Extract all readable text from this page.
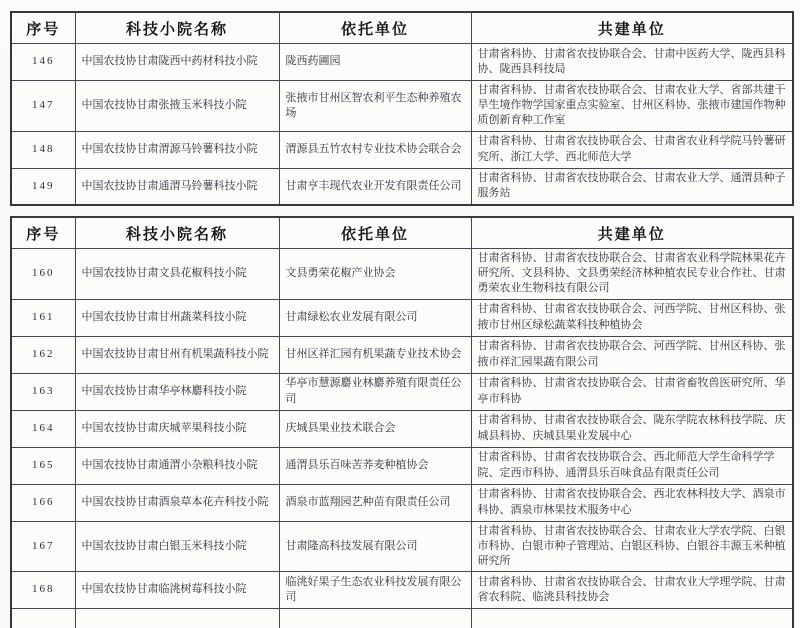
序号	科技小院名称	依托单位	共建单位
146	中国农技协甘肃陇西中药材科技小院	陇西药圃园	甘肃省科协、甘肃省农技协联合会、甘肃中医药大学、陇西县科协、陇西县科技局
147	中国农技协甘肃张掖玉米科技小院	张掖市甘州区智农利平生态种养殖农场	甘肃省科协、甘肃省农技协联合会、甘肃农业大学、省部共建干旱生境作物学国家重点实验室、甘州区科协、张掖市建国作物种质创新育种工作室
148	中国农技协甘肃渭源马铃薯科技小院	渭源县五竹农村专业技术协会联合会	甘肃省科协、甘肃省农技协联合会、甘肃省农业科学院马铃薯研究所、浙江大学、西北师范大学
149	中国农技协甘肃通渭马铃薯科技小院	甘肃亨丰现代农业开发有限责任公司	甘肃省科协、甘肃省农技协联合会、甘肃农业大学、通渭县种子服务站
序号	科技小院名称	依托单位	共建单位
160	中国农技协甘肃文县花椒科技小院	文县勇荣花椒产业协会	甘肃省科协、甘肃省农技协联合会、甘肃省农业科学院林果花卉研究所、文县科协、文县勇荣经济林种植农民专业合作社、甘肃勇荣农业生物科技有限公司
161	中国农技协甘肃甘州蔬菜科技小院	甘肃绿松农业发展有限公司	甘肃省科协、甘肃省农技协联合会、河西学院、甘州区科协、张掖市甘州区绿松蔬菜科技种植协会
162	中国农技协甘肃甘州有机果蔬科技小院	甘州区祥汇园有机果蔬专业技术协会	甘肃省科协、甘肃省农技协联合会、河西学院、甘州区科协、张掖市祥汇园果蔬有限公司
163	中国农技协甘肃华亭林麝科技小院	华亭市慧源麝业林麝养殖有限责任公司	甘肃省科协、甘肃省农技协联合会、甘肃省畜牧兽医研究所、华亭市科协
164	中国农技协甘肃庆城苹果科技小院	庆城县果业技术联合会	甘肃省科协、甘肃省农技协联合会、陇东学院农林科技学院、庆城县科协、庆城县果业发展中心
165	中国农技协甘肃通渭小杂粮科技小院	通渭县乐百味苦荞麦种植协会	甘肃省科协、甘肃省农技协联合会、西北师范大学生命科学学院、定西市科协、通渭县乐百味食品有限责任公司
166	中国农技协甘肃酒泉草本花卉科技小院	酒泉市蓝翔园艺种苗有限责任公司	甘肃省科协、甘肃省农技协联合会、西北农林科技大学、酒泉市科协、酒泉市林果技术服务中心
167	中国农技协甘肃白银玉米科技小院	甘肃隆高科技发展有限公司	甘肃省科协、甘肃省农技协联合会、甘肃农业大学农学院、白银市科协、白银市种子管理站、白银区科协、白银谷丰源玉米种植研究所
168	中国农技协甘肃临洮树莓科技小院	临洮好果子生态农业科技发展有限公司	甘肃省科协、甘肃省农技协联合会、甘肃农业大学理学院、甘肃省农科院、临洮县科技协会
